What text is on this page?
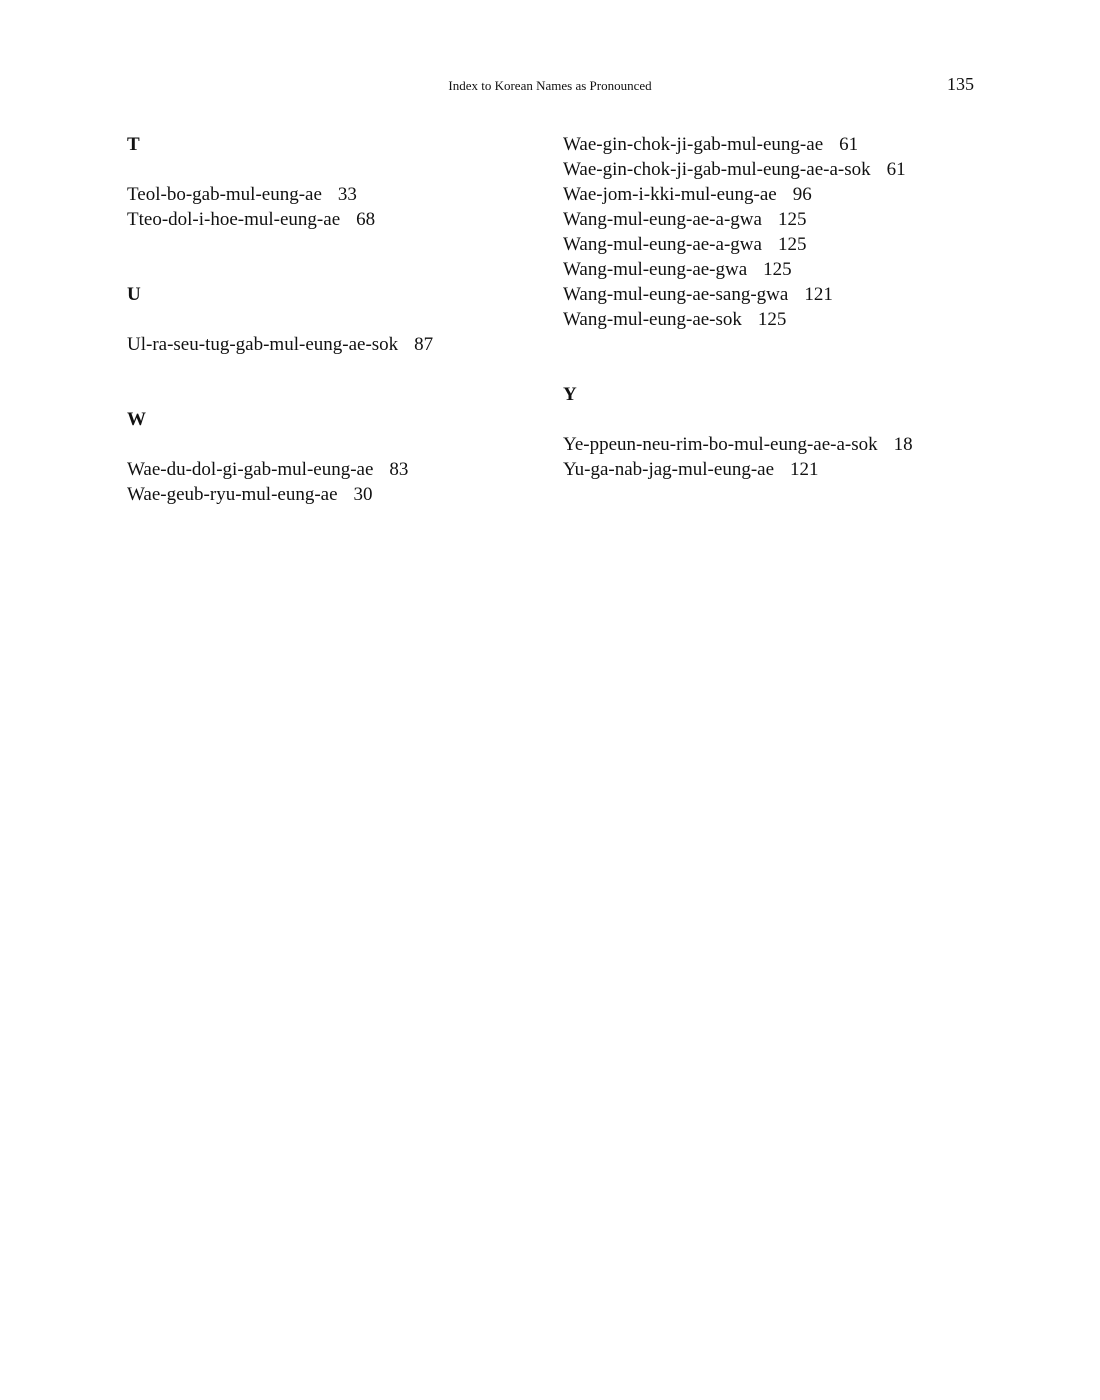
Index to Korean Names as Pronounced	135
T
Teol-bo-gab-mul-eung-ae 33
Tteo-dol-i-hoe-mul-eung-ae 68
U
Ul-ra-seu-tug-gab-mul-eung-ae-sok 87
W
Wae-du-dol-gi-gab-mul-eung-ae 83
Wae-geub-ryu-mul-eung-ae 30
Wae-gin-chok-ji-gab-mul-eung-ae 61
Wae-gin-chok-ji-gab-mul-eung-ae-a-sok 61
Wae-jom-i-kki-mul-eung-ae 96
Wang-mul-eung-ae-a-gwa 125
Wang-mul-eung-ae-a-gwa 125
Wang-mul-eung-ae-gwa 125
Wang-mul-eung-ae-sang-gwa 121
Wang-mul-eung-ae-sok 125
Y
Ye-ppeun-neu-rim-bo-mul-eung-ae-a-sok 18
Yu-ga-nab-jag-mul-eung-ae 121
